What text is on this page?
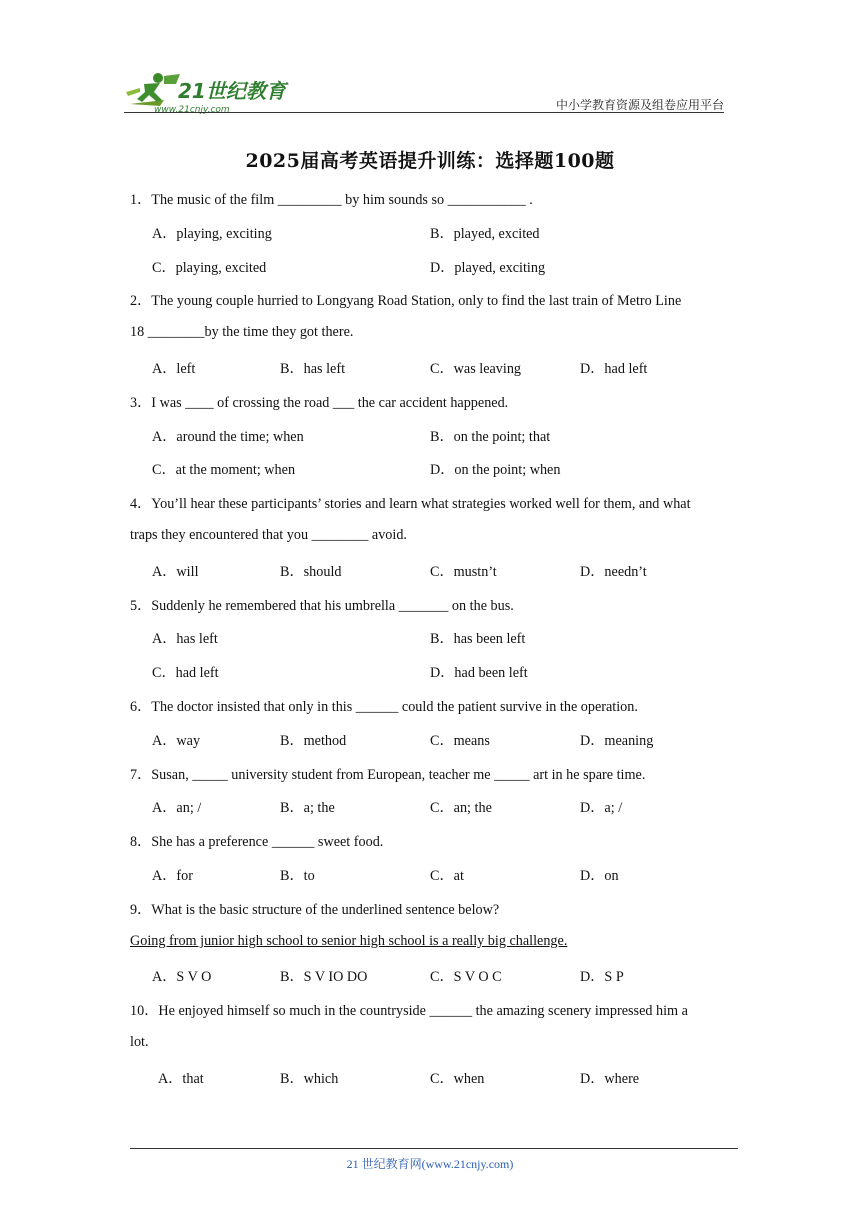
21世纪教育
www.21cnjy.com	中小学教育资源及组卷应用平台
2025届高考英语提升训练：选择题100题
1．The music of the film _________ by him sounds so ___________ .
A．playing, exciting	B．played, excited
C．playing, excited	D．played, exciting
2．The young couple hurried to Longyang Road Station, only to find the last train of Metro Line
18 ________by the time they got there.
A．left	B．has left	C．was leaving	D．had left
3．I was ____ of crossing the road ___ the car accident happened.
A．around the time; when	B．on the point; that
C．at the moment; when	D．on the point; when
4．You’ll hear these participants’ stories and learn what strategies worked well for them, and what
traps they encountered that you ________ avoid.
A．will	B．should	C．mustn’t	D．needn’t
5．Suddenly he remembered that his umbrella _______ on the bus.
A．has left	B．has been left
C．had left	D．had been left
6．The doctor insisted that only in this ______ could the patient survive in the operation.
A．way	B．method	C．means	D．meaning
7．Susan, _____ university student from European, teacher me _____ art in he spare time.
A．an; /	B．a; the	C．an; the	D．a; /
8．She has a preference ______ sweet food.
A．for	B．to	C．at	D．on
9．What is the basic structure of the underlined sentence below?
Going from junior high school to senior high school is a really big challenge.
A．S V O	B．S V IO DO	C．S V O C	D．S P
10．He enjoyed himself so much in the countryside ______ the amazing scenery impressed him a
lot.
A．that	B．which	C．when	D．where
21 世纪教育网(www.21cnjy.com)
